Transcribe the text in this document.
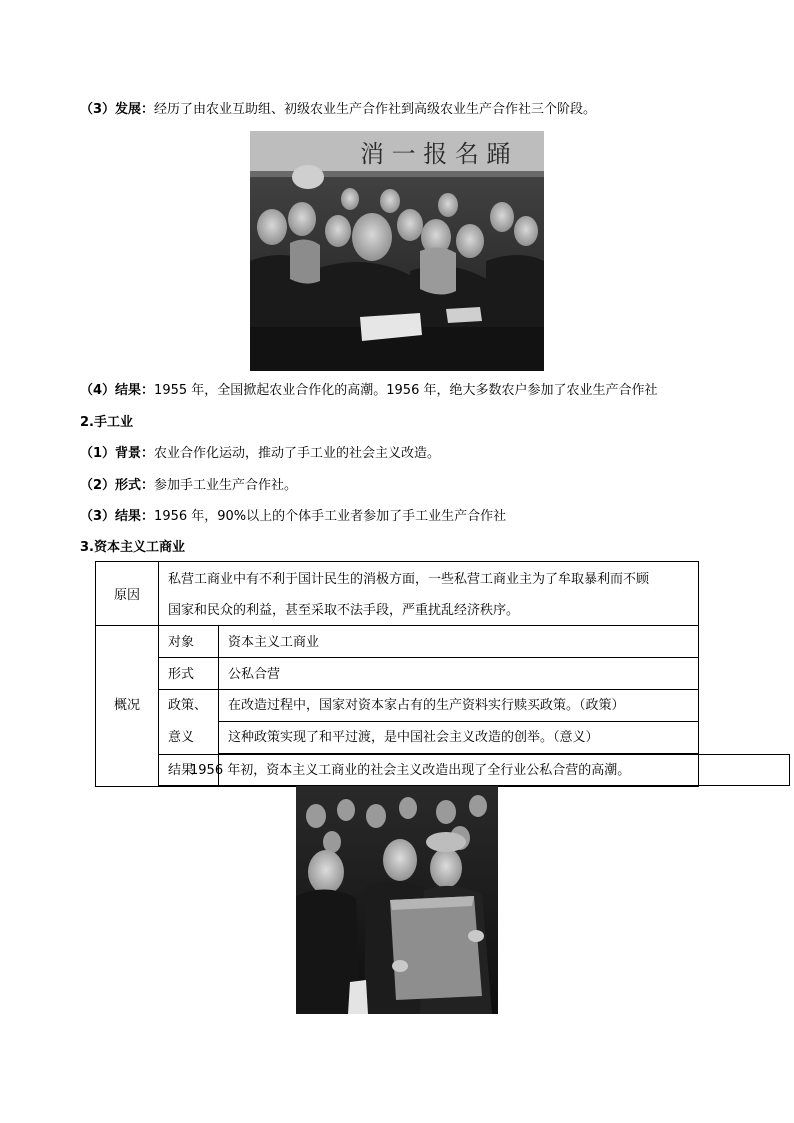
（3）发展：经历了由农业互助组、初级农业生产合作社到高级农业生产合作社三个阶段。
消 一 报 名 踊
（4）结果：1955 年，全国掀起农业合作化的高潮。1956 年，绝大多数农户参加了农业生产合作社
2.手工业
（1）背景：农业合作化运动，推动了手工业的社会主义改造。
（2）形式：参加手工业生产合作社。
（3）结果：1956 年，90%以上的个体手工业者参加了手工业生产合作社
3.资本主义工商业
原因
私营工商业中有不利于国计民生的消极方面，一些私营工商业主为了牟取暴利而不顾
国家和民众的利益，甚至采取不法手段，严重扰乱经济秩序。
概况
对象	资本主义工商业
形式	公私合营
政策、
意义
在改造过程中，国家对资本家占有的生产资料实行赎买政策。（政策）
这种政策实现了和平过渡，是中国社会主义改造的创举。（意义）
结果
1956 年初，资本主义工商业的社会主义改造出现了全行业公私合营的高潮。
